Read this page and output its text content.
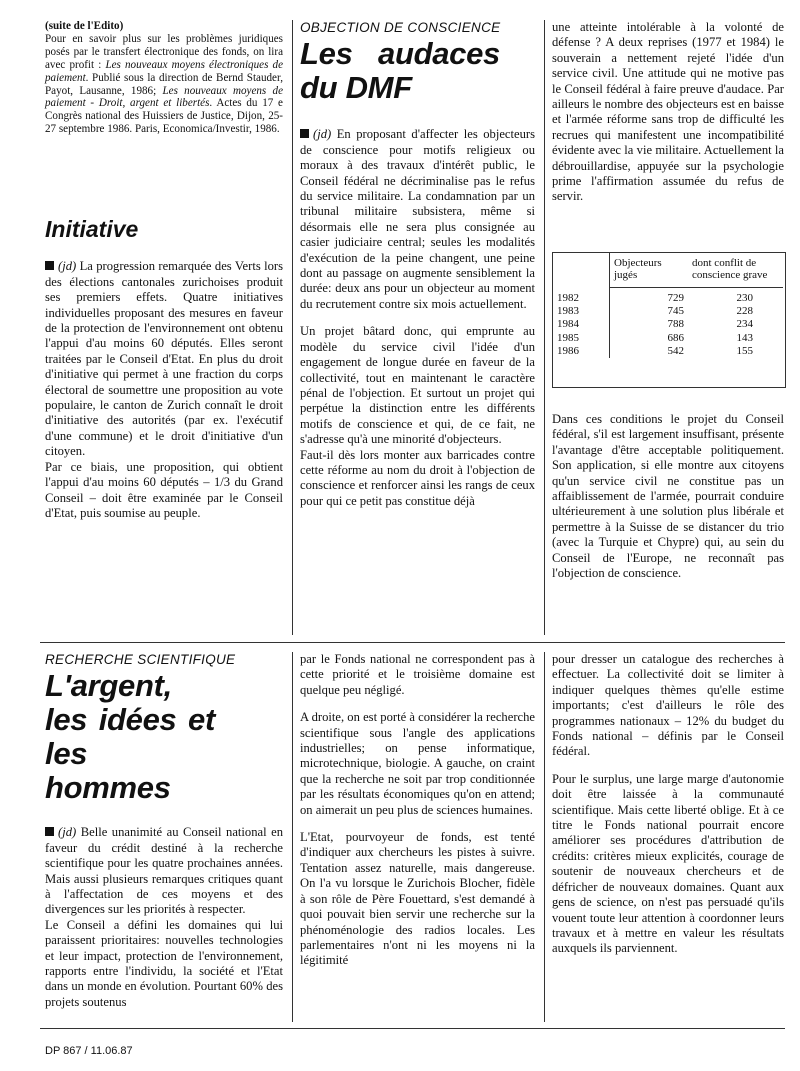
(suite de l'Edito)
Pour en savoir plus sur les problèmes juridiques posés par le transfert électronique des fonds, on lira avec profit : Les nouveaux moyens électroniques de paiement. Publié sous la direction de Bernd Stauder, Payot, Lausanne, 1986; Les nouveaux moyens de paiement - Droit, argent et libertés. Actes du 17 e Congrès national des Huissiers de Justice, Dijon, 25-27 septembre 1986. Paris, Economica/Investir, 1986.
Initiative

(jd) La progression remarquée des Verts lors des élections cantonales zurichoises produit ses premiers effets. Quatre initiatives individuelles proposant des mesures en faveur de la protection de l'environnement ont obtenu l'appui d'au moins 60 députés. Elles seront traitées par le Conseil d'Etat. En plus du droit d'initiative qui permet à une fraction du corps électoral de soumettre une proposition au vote populaire, le canton de Zurich connaît le droit d'initiative des autorités (par ex. l'exécutif d'une commune) et le droit d'initiative d'un citoyen.

Par ce biais, une proposition, qui obtient l'appui d'au moins 60 députés – 1/3 du Grand Conseil – doit être examinée par le Conseil d'Etat, puis soumise au peuple.

OBJECTION DE CONSCIENCE
Les audaces du DMF

(jd) En proposant d'affecter les objecteurs de conscience pour motifs religieux ou moraux à des travaux d'intérêt public, le Conseil fédéral ne décriminalise pas le refus du service militaire. La condamnation par un tribunal militaire subsistera, même si désormais elle ne sera plus consignée au casier judiciaire central; seules les modalités d'exécution de la peine changent, une peine dont au passage on augmente sensiblement la durée: deux ans pour un objecteur au moment du recrutement contre six mois actuellement.

Un projet bâtard donc, qui emprunte au modèle du service civil l'idée d'un engagement de longue durée en faveur de la collectivité, tout en maintenant le caractère pénal de l'objection. Et surtout un projet qui perpétue la distinction entre les différents motifs de conscience et qui, de ce fait, ne s'adresse qu'à une minorité d'objecteurs.

Faut-il dès lors monter aux barricades contre cette réforme au nom du droit à l'objection de conscience et renforcer ainsi les rangs de ceux pour qui ce petit pas constitue déjà

une atteinte intolérable à la volonté de défense ? A deux reprises (1977 et 1984) le souverain a nettement rejeté l'idée d'un service civil. Une attitude qui ne motive pas le Conseil fédéral à faire preuve d'audace. Par ailleurs le nombre des objecteurs est en baisse et l'armée réforme sans trop de difficulté les recrues qui manifestent une incompatibilité évidente avec la vie militaire. Actuellement la débrouillardise, appuyée sur la psychologie prime l'affirmation assumée du refus de servir.

Dans ces conditions le projet du Conseil fédéral, s'il est largement insuffisant, présente l'avantage d'être acceptable politiquement. Son application, si elle montre aux citoyens qu'un service civil ne constitue pas un affaiblissement de l'armée, pourrait conduire ultérieurement à une solution plus libérale et permettre à la Suisse de se distancer du trio (avec la Turquie et Chypre) qui, au sein du Conseil de l'Europe, ne reconnaît pas l'objection de conscience.

	Objecteurs jugés	dont conflit de conscience grave
1982	729	230
1983	745	228
1984	788	234
1985	686	143
1986	542	155
RECHERCHE SCIENTIFIQUE
L'argent, les idées et les hommes

(jd) Belle unanimité au Conseil national en faveur du crédit destiné à la recherche scientifique pour les quatre prochaines années. Mais aussi plusieurs remarques critiques quant à l'affectation de ces moyens et des divergences sur les priorités à respecter.

Le Conseil a défini les domaines qui lui paraissent prioritaires: nouvelles technologies et leur impact, protection de l'environnement, rapports entre l'individu, la société et l'Etat dans un monde en évolution. Pourtant 60% des projets soutenus

par le Fonds national ne correspondent pas à cette priorité et le troisième domaine est quelque peu négligé.

A droite, on est porté à considérer la recherche scientifique sous l'angle des applications industrielles; on pense informatique, microtechnique, biologie. A gauche, on craint que la recherche ne soit par trop conditionnée par les résultats économiques qu'on en attend; on aimerait un peu plus de sciences humaines.

L'Etat, pourvoyeur de fonds, est tenté d'indiquer aux chercheurs les pistes à suivre. Tentation assez naturelle, mais dangereuse. On l'a vu lorsque le Zurichois Blocher, fidèle à son rôle de Père Fouettard, s'est demandé à quoi pouvait bien servir une recherche sur la phénoménologie des radios locales. Les parlementaires n'ont ni les moyens ni la légitimité

pour dresser un catalogue des recherches à effectuer. La collectivité doit se limiter à indiquer quelques thèmes qu'elle estime importants; c'est d'ailleurs le rôle des programmes nationaux – 12% du budget du Fonds national – définis par le Conseil fédéral.

Pour le surplus, une large marge d'autonomie doit être laissée à la communauté scientifique. Mais cette liberté oblige. Et à ce titre le Fonds national pourrait encore améliorer ses procédures d'attribution de crédits: critères mieux explicités, courage de soutenir de nouveaux chercheurs et de défricher de nouveaux domaines. Quant aux gens de science, on n'est pas persuadé qu'ils vouent toute leur attention à coordonner leurs travaux et à mettre en valeur les résultats auxquels ils parviennent.

DP 867 / 11.06.87
